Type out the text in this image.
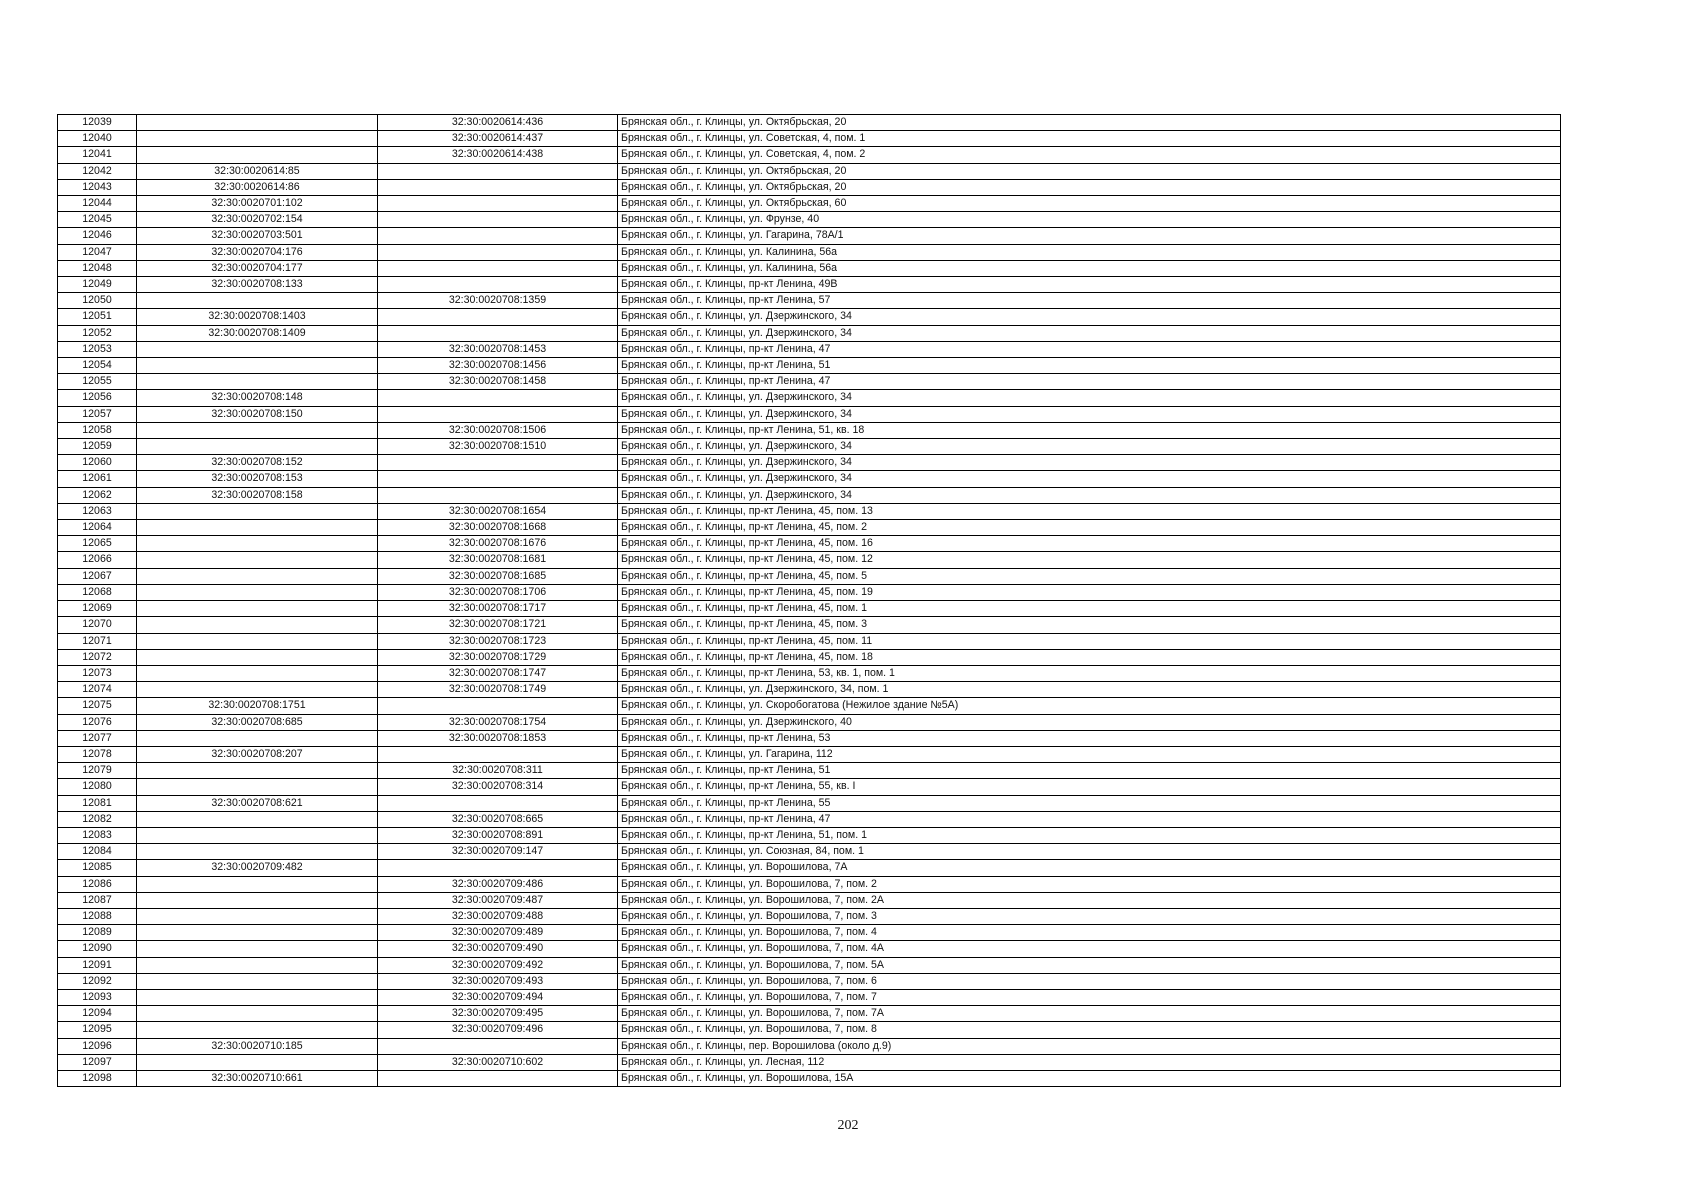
12039		32:30:0020614:436	Брянская обл., г. Клинцы, ул. Октябрьская, 20
12040		32:30:0020614:437	Брянская обл., г. Клинцы, ул. Советская, 4, пом. 1
12041		32:30:0020614:438	Брянская обл., г. Клинцы, ул. Советская, 4, пом. 2
12042	32:30:0020614:85		Брянская обл., г. Клинцы, ул. Октябрьская, 20
12043	32:30:0020614:86		Брянская обл., г. Клинцы, ул. Октябрьская, 20
12044	32:30:0020701:102		Брянская обл., г. Клинцы, ул. Октябрьская, 60
12045	32:30:0020702:154		Брянская обл., г. Клинцы, ул. Фрунзе, 40
12046	32:30:0020703:501		Брянская обл., г. Клинцы, ул. Гагарина, 78А/1
12047	32:30:0020704:176		Брянская обл., г. Клинцы, ул. Калинина, 56а
12048	32:30:0020704:177		Брянская обл., г. Клинцы, ул. Калинина, 56а
12049	32:30:0020708:133		Брянская обл., г. Клинцы, пр-кт Ленина, 49В
12050		32:30:0020708:1359	Брянская обл., г. Клинцы, пр-кт Ленина, 57
12051	32:30:0020708:1403		Брянская обл., г. Клинцы, ул. Дзержинского, 34
12052	32:30:0020708:1409		Брянская обл., г. Клинцы, ул. Дзержинского, 34
12053		32:30:0020708:1453	Брянская обл., г. Клинцы, пр-кт Ленина, 47
12054		32:30:0020708:1456	Брянская обл., г. Клинцы, пр-кт Ленина, 51
12055		32:30:0020708:1458	Брянская обл., г. Клинцы, пр-кт Ленина, 47
12056	32:30:0020708:148		Брянская обл., г. Клинцы, ул. Дзержинского, 34
12057	32:30:0020708:150		Брянская обл., г. Клинцы, ул. Дзержинского, 34
12058		32:30:0020708:1506	Брянская обл., г. Клинцы, пр-кт Ленина, 51, кв. 18
12059		32:30:0020708:1510	Брянская обл., г. Клинцы, ул. Дзержинского, 34
12060	32:30:0020708:152		Брянская обл., г. Клинцы, ул. Дзержинского, 34
12061	32:30:0020708:153		Брянская обл., г. Клинцы, ул. Дзержинского, 34
12062	32:30:0020708:158		Брянская обл., г. Клинцы, ул. Дзержинского, 34
12063		32:30:0020708:1654	Брянская обл., г. Клинцы, пр-кт Ленина, 45, пом. 13
12064		32:30:0020708:1668	Брянская обл., г. Клинцы, пр-кт Ленина, 45, пом. 2
12065		32:30:0020708:1676	Брянская обл., г. Клинцы, пр-кт Ленина, 45, пом. 16
12066		32:30:0020708:1681	Брянская обл., г. Клинцы, пр-кт Ленина, 45, пом. 12
12067		32:30:0020708:1685	Брянская обл., г. Клинцы, пр-кт Ленина, 45, пом. 5
12068		32:30:0020708:1706	Брянская обл., г. Клинцы, пр-кт Ленина, 45, пом. 19
12069		32:30:0020708:1717	Брянская обл., г. Клинцы, пр-кт Ленина, 45, пом. 1
12070		32:30:0020708:1721	Брянская обл., г. Клинцы, пр-кт Ленина, 45, пом. 3
12071		32:30:0020708:1723	Брянская обл., г. Клинцы, пр-кт Ленина, 45, пом. 11
12072		32:30:0020708:1729	Брянская обл., г. Клинцы, пр-кт Ленина, 45, пом. 18
12073		32:30:0020708:1747	Брянская обл., г. Клинцы, пр-кт Ленина, 53, кв. 1, пом. 1
12074		32:30:0020708:1749	Брянская обл., г. Клинцы, ул. Дзержинского, 34, пом. 1
12075	32:30:0020708:1751		Брянская обл., г. Клинцы, ул. Скоробогатова (Нежилое здание №5А)
12076	32:30:0020708:685	32:30:0020708:1754	Брянская обл., г. Клинцы, ул. Дзержинского, 40
12077		32:30:0020708:1853	Брянская обл., г. Клинцы, пр-кт Ленина, 53
12078	32:30:0020708:207		Брянская обл., г. Клинцы, ул. Гагарина, 112
12079		32:30:0020708:311	Брянская обл., г. Клинцы, пр-кт Ленина, 51
12080		32:30:0020708:314	Брянская обл., г. Клинцы, пр-кт Ленина, 55, кв. I
12081	32:30:0020708:621		Брянская обл., г. Клинцы, пр-кт Ленина, 55
12082		32:30:0020708:665	Брянская обл., г. Клинцы, пр-кт Ленина, 47
12083		32:30:0020708:891	Брянская обл., г. Клинцы, пр-кт Ленина, 51, пом. 1
12084		32:30:0020709:147	Брянская обл., г. Клинцы, ул. Союзная, 84, пом. 1
12085	32:30:0020709:482		Брянская обл., г. Клинцы, ул. Ворошилова, 7А
12086		32:30:0020709:486	Брянская обл., г. Клинцы, ул. Ворошилова, 7, пом. 2
12087		32:30:0020709:487	Брянская обл., г. Клинцы, ул. Ворошилова, 7, пом. 2А
12088		32:30:0020709:488	Брянская обл., г. Клинцы, ул. Ворошилова, 7, пом. 3
12089		32:30:0020709:489	Брянская обл., г. Клинцы, ул. Ворошилова, 7, пом. 4
12090		32:30:0020709:490	Брянская обл., г. Клинцы, ул. Ворошилова, 7, пом. 4А
12091		32:30:0020709:492	Брянская обл., г. Клинцы, ул. Ворошилова, 7, пом. 5А
12092		32:30:0020709:493	Брянская обл., г. Клинцы, ул. Ворошилова, 7, пом. 6
12093		32:30:0020709:494	Брянская обл., г. Клинцы, ул. Ворошилова, 7, пом. 7
12094		32:30:0020709:495	Брянская обл., г. Клинцы, ул. Ворошилова, 7, пом. 7А
12095		32:30:0020709:496	Брянская обл., г. Клинцы, ул. Ворошилова, 7, пом. 8
12096	32:30:0020710:185		Брянская обл., г. Клинцы, пер. Ворошилова (около д.9)
12097		32:30:0020710:602	Брянская обл., г. Клинцы, ул. Лесная, 112
12098	32:30:0020710:661		Брянская обл., г. Клинцы, ул. Ворошилова, 15А
202
